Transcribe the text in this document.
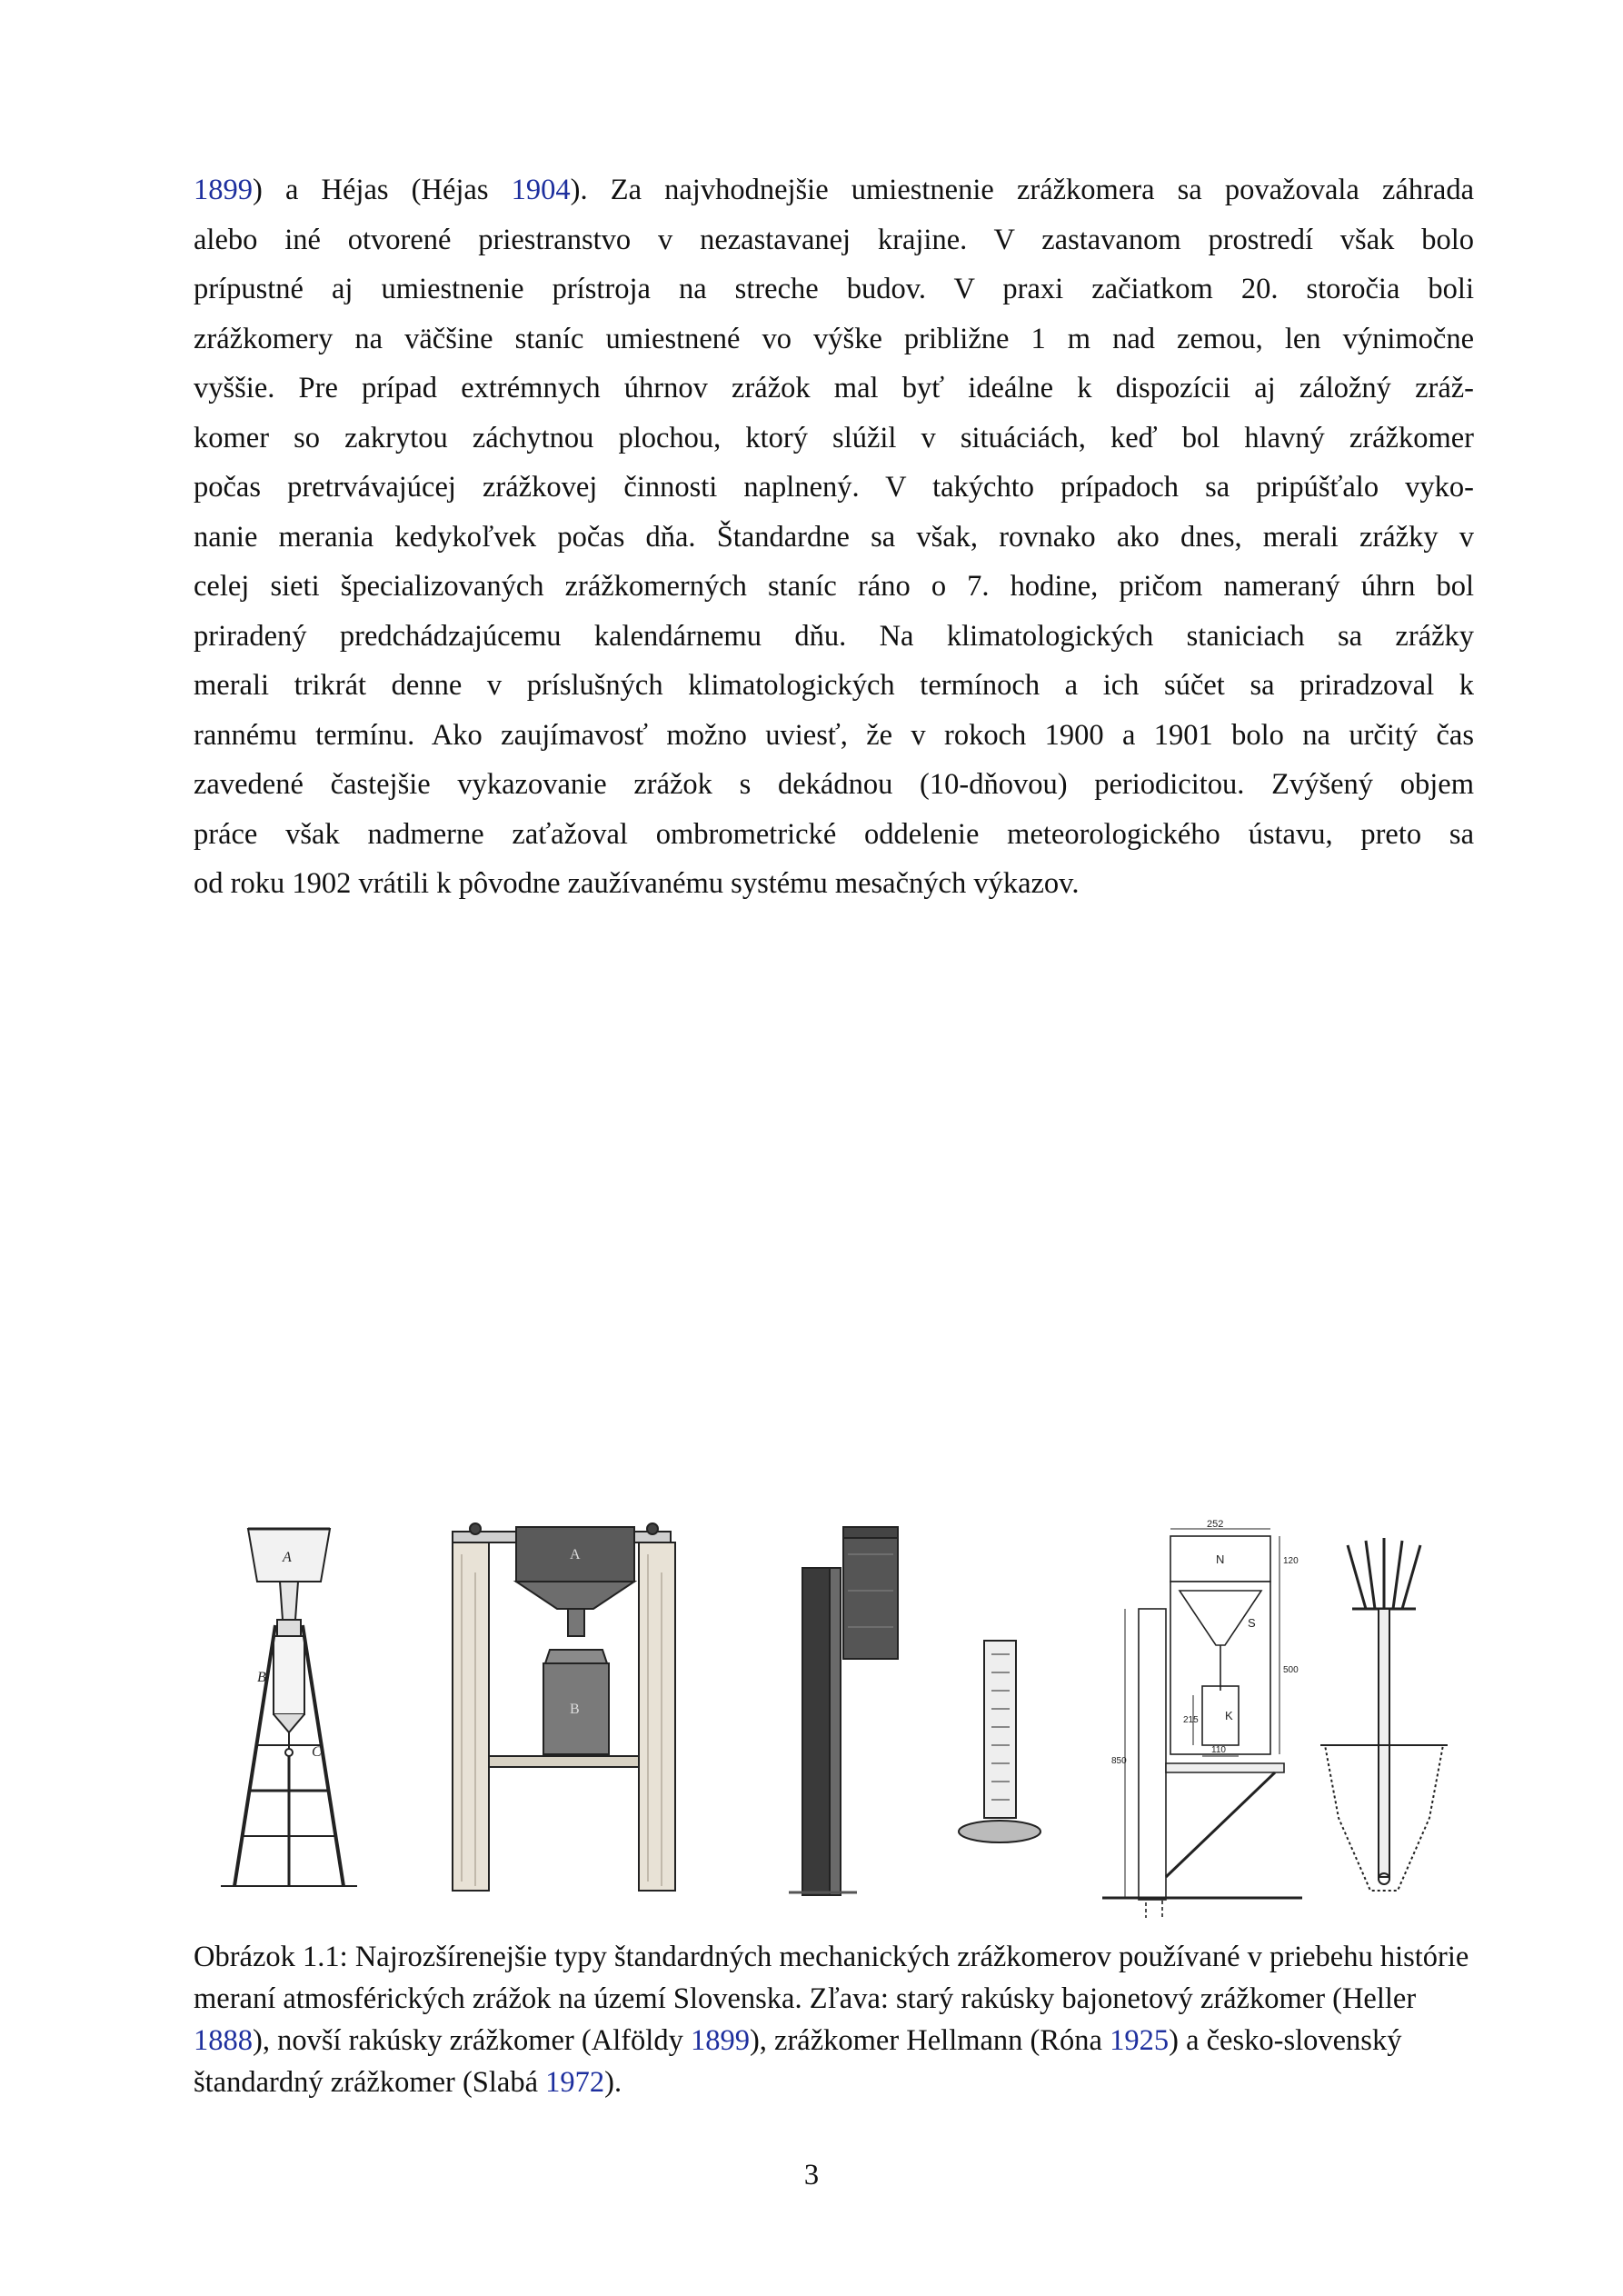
1899) a Héjas (Héjas 1904). Za najvhodnejšie umiestnenie zrážkomera sa považovala záhrada
alebo iné otvorené priestranstvo v nezastavanej krajine. V zastavanom prostredí však bolo
prípustné aj umiestnenie prístroja na streche budov. V praxi začiatkom 20. storočia boli
zrážkomery na väčšine staníc umiestnené vo výške približne 1 m nad zemou, len výnimočne
vyššie. Pre prípad extrémnych úhrnov zrážok mal byť ideálne k dispozícii aj záložný zráž-
komer so zakrytou záchytnou plochou, ktorý slúžil v situáciách, keď bol hlavný zrážkomer
počas pretrvávajúcej zrážkovej činnosti naplnený. V takýchto prípadoch sa pripúšťalo vyko-
nanie merania kedykoľvek počas dňa. Štandardne sa však, rovnako ako dnes, merali zrážky v
celej sieti špecializovaných zrážkomerných staníc ráno o 7. hodine, pričom nameraný úhrn bol
priradený predchádzajúcemu kalendárnemu dňu. Na klimatologických staniciach sa zrážky
merali trikrát denne v príslušných klimatologických termínoch a ich súčet sa priradzoval k
rannému termínu. Ako zaujímavosť možno uviesť, že v rokoch 1900 a 1901 bolo na určitý čas
zavedené častejšie vykazovanie zrážok s dekádnou (10-dňovou) periodicitou. Zvýšený objem
práce však nadmerne zaťažoval ombrometrické oddelenie meteorologického ústavu, preto sa
od roku 1902 vrátili k pôvodne zaužívanému systému mesačných výkazov.
A
B
C
A
B
N
S
K
252
120
500
215
110
850
Obrázok 1.1: Najrozšírenejšie typy štandardných mechanických zrážkomerov používané v priebehu histórie meraní atmosférických zrážok na území Slovenska. Zľava: starý rakúsky bajonetový zrážkomer (Heller 1888), novší rakúsky zrážkomer (Alföldy 1899), zrážkomer Hellmann (Róna 1925) a česko-slovenský štandardný zrážkomer (Slabá 1972).
3
